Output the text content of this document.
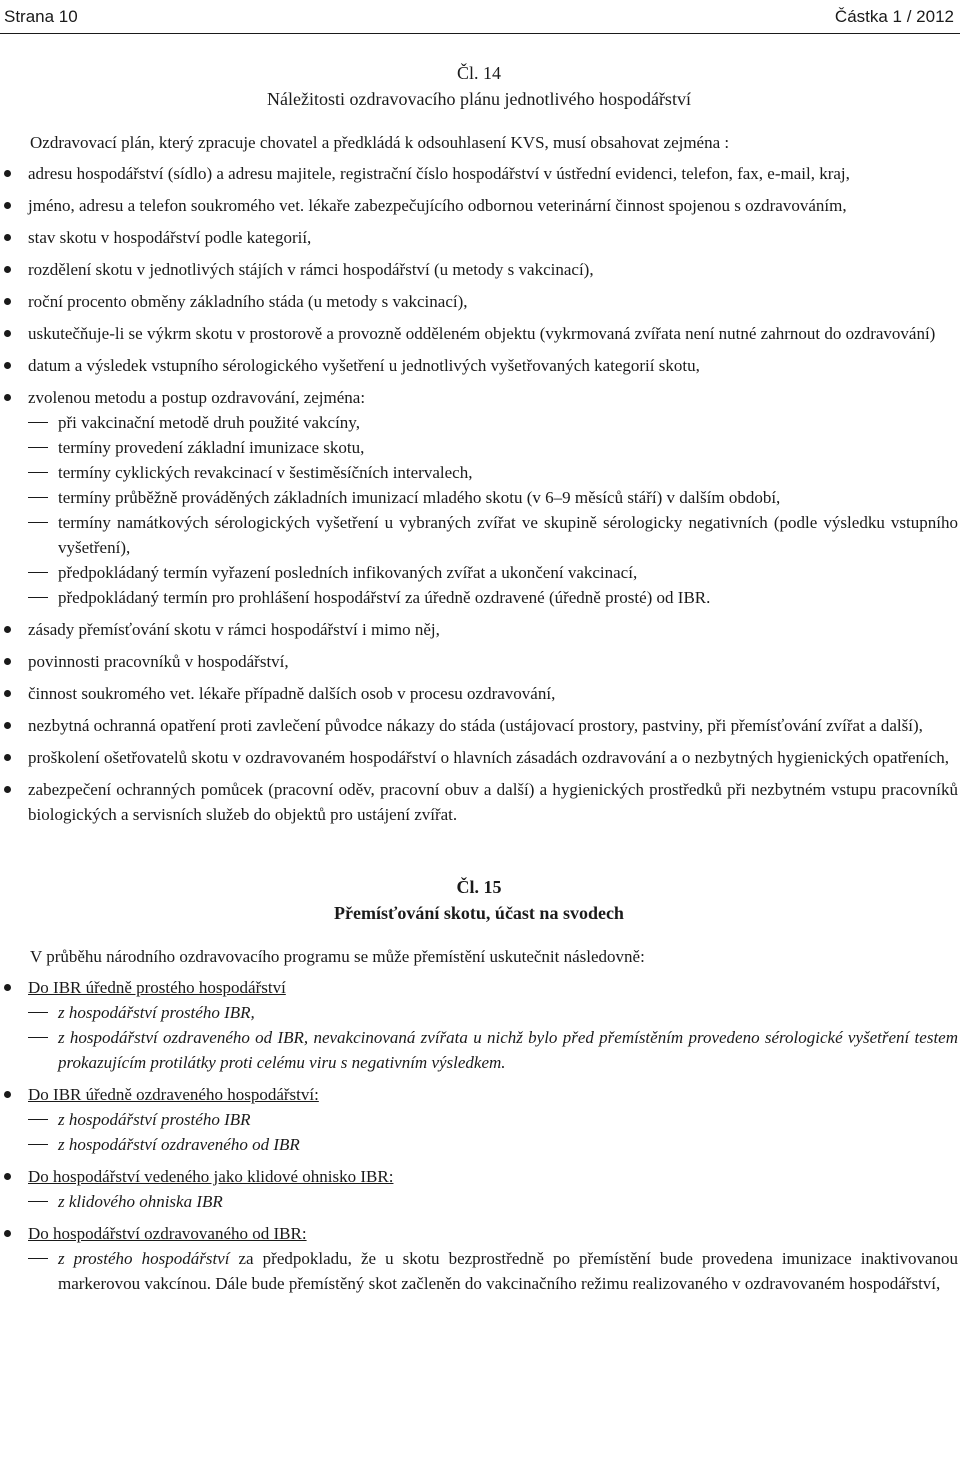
Strana 10	Částka 1 / 2012
Čl. 14
Náležitosti ozdravovacího plánu jednotlivého hospodářství
Ozdravovací plán, který zpracuje chovatel a předkládá k odsouhlasení KVS, musí obsahovat zejména :
adresu hospodářství (sídlo) a adresu majitele, registrační číslo hospodářství v ústřední evidenci, telefon, fax, e-mail, kraj,
jméno, adresu a telefon soukromého vet. lékaře zabezpečujícího odbornou veterinární činnost spojenou s ozdravováním,
stav skotu v hospodářství podle kategorií,
rozdělení skotu v jednotlivých stájích v rámci hospodářství (u metody s vakcinací),
roční procento obměny základního stáda (u metody s vakcinací),
uskutečňuje-li se výkrm skotu v prostorově a provozně odděleném objektu (vykrmovaná zvířata není nutné zahrnout do ozdravování)
datum a výsledek vstupního sérologického vyšetření u jednotlivých vyšetřovaných kategorií skotu,
zvolenou metodu a postup ozdravování, zejména:
při vakcinační metodě druh použité vakcíny,
termíny provedení základní imunizace skotu,
termíny cyklických revakcinací v šestiměsíčních intervalech,
termíny průběžně prováděných základních imunizací mladého skotu (v 6–9 měsíců stáří) v dalším období,
termíny namátkových sérologických vyšetření u vybraných zvířat ve skupině sérologicky negativních (podle výsledku vstupního vyšetření),
předpokládaný termín vyřazení posledních infikovaných zvířat a ukončení vakcinací,
předpokládaný termín pro prohlášení hospodářství za úředně ozdravené (úředně prosté) od IBR.
zásady přemísťování skotu v rámci hospodářství i mimo něj,
povinnosti pracovníků v hospodářství,
činnost soukromého vet. lékaře případně dalších osob v procesu ozdravování,
nezbytná ochranná opatření proti zavlečení původce nákazy do stáda (ustájovací prostory, pastviny, při přemísťování zvířat a další),
proškolení ošetřovatelů skotu v ozdravovaném hospodářství o hlavních zásadách ozdravování a o nezbytných hygienických opatřeních,
zabezpečení ochranných pomůcek (pracovní oděv, pracovní obuv a další) a hygienických prostředků při nezbytném vstupu pracovníků biologických a servisních služeb do objektů pro ustájení zvířat.
Čl. 15
Přemísťování skotu, účast na svodech
V průběhu národního ozdravovacího programu se může přemístění uskutečnit následovně:
Do IBR úředně prostého hospodářství
z hospodářství prostého IBR,
z hospodářství ozdraveného od IBR, nevakcinovaná zvířata u nichž bylo před přemístěním provedeno sérologické vyšetření testem prokazujícím protilátky proti celému viru s negativním výsledkem.
Do IBR úředně ozdraveného hospodářství:
z hospodářství prostého IBR
z hospodářství ozdraveného od IBR
Do hospodářství vedeného jako klidové ohnisko IBR:
z klidového ohniska IBR
Do hospodářství ozdravovaného od IBR:
z prostého hospodářství za předpokladu, že u skotu bezprostředně po přemístění bude provedena imunizace inaktivovanou markerovou vakcínou. Dále bude přemístěný skot začleněn do vakcinačního režimu realizovaného v ozdravovaném hospodářství,
